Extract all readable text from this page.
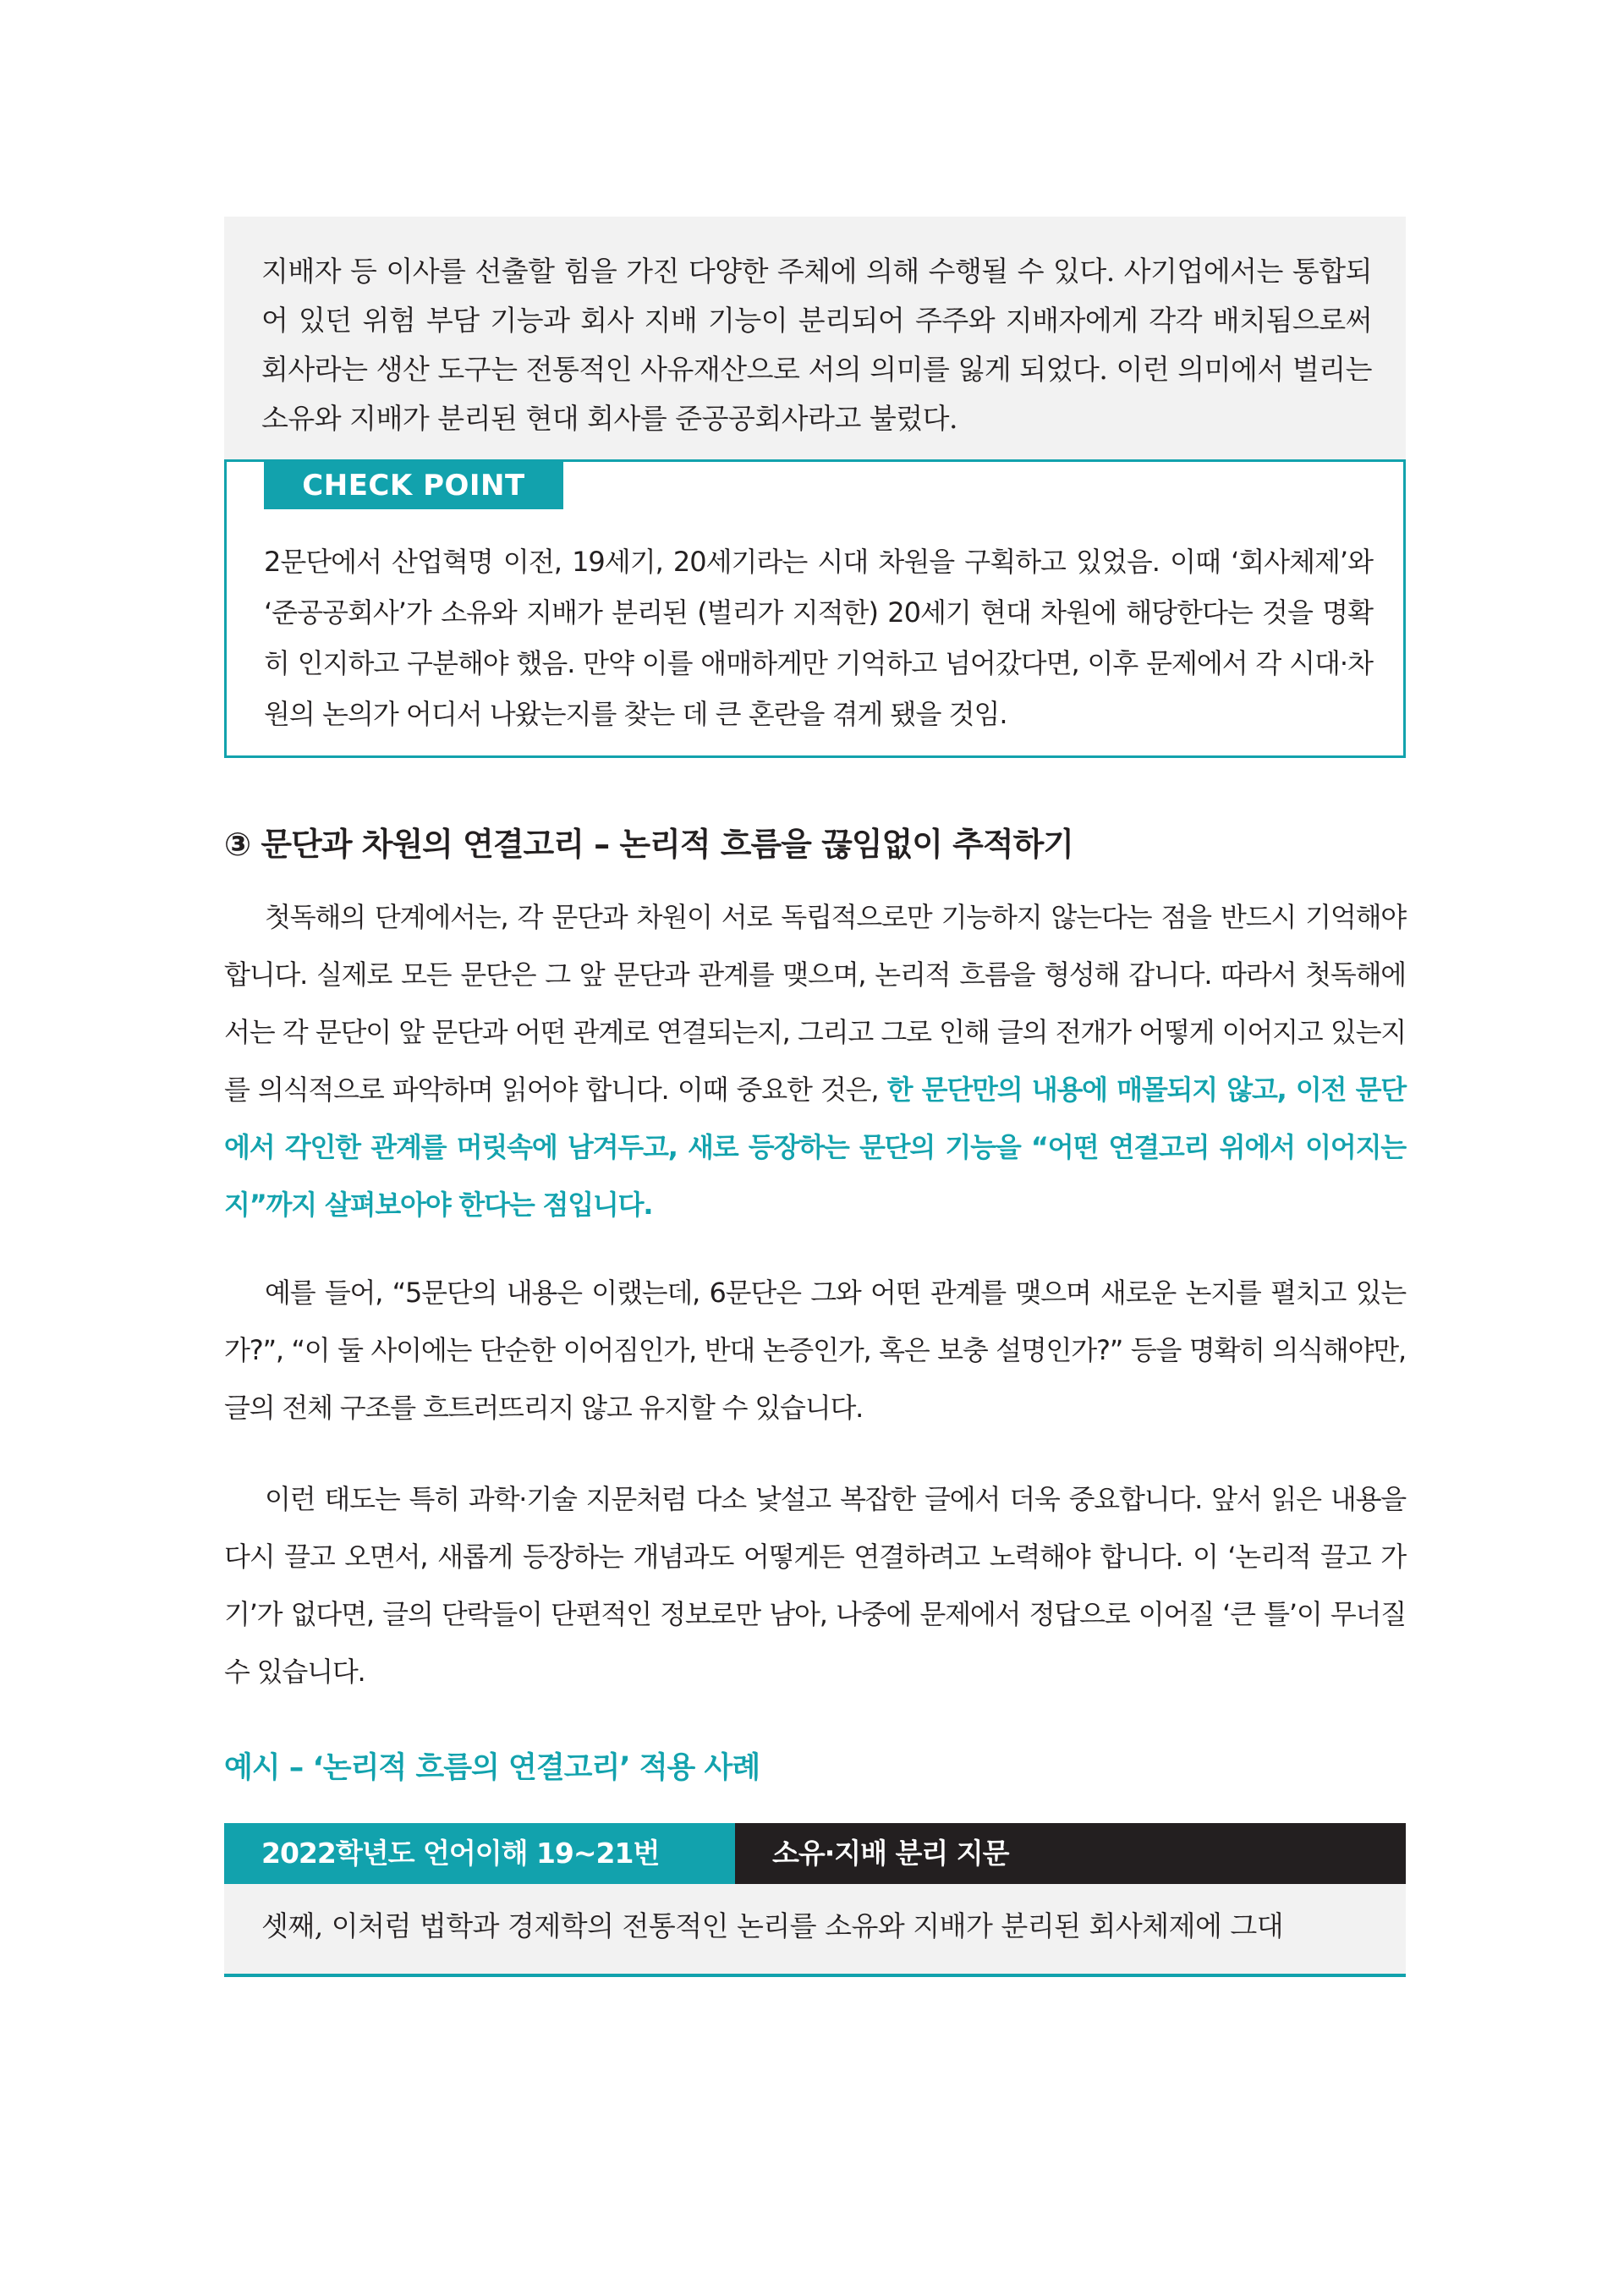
지배자 등 이사를 선출할 힘을 가진 다양한 주체에 의해 수행될 수 있다. 사기업에서는 통합되어 있던 위험 부담 기능과 회사 지배 기능이 분리되어 주주와 지배자에게 각각 배치됨으로써 회사라는 생산 도구는 전통적인 사유재산으로 서의 의미를 잃게 되었다. 이런 의미에서 벌리는 소유와 지배가 분리된 현대 회사를 준공공회사라고 불렀다.

CHECK POINT

2문단에서 산업혁명 이전, 19세기, 20세기라는 시대 차원을 구획하고 있었음. 이때 ‘회사체제’와 ‘준공공회사’가 소유와 지배가 분리된 (벌리가 지적한) 20세기 현대 차원에 해당한다는 것을 명확히 인지하고 구분해야 했음. 만약 이를 애매하게만 기억하고 넘어갔다면, 이후 문제에서 각 시대·차원의 논의가 어디서 나왔는지를 찾는 데 큰 혼란을 겪게 됐을 것임.

③ 문단과 차원의 연결고리 – 논리적 흐름을 끊임없이 추적하기

첫독해의 단계에서는, 각 문단과 차원이 서로 독립적으로만 기능하지 않는다는 점을 반드시 기억해야 합니다. 실제로 모든 문단은 그 앞 문단과 관계를 맺으며, 논리적 흐름을 형성해 갑니다. 따라서 첫독해에서는 각 문단이 앞 문단과 어떤 관계로 연결되는지, 그리고 그로 인해 글의 전개가 어떻게 이어지고 있는지를 의식적으로 파악하며 읽어야 합니다. 이때 중요한 것은, 한 문단만의 내용에 매몰되지 않고, 이전 문단에서 각인한 관계를 머릿속에 남겨두고, 새로 등장하는 문단의 기능을 “어떤 연결고리 위에서 이어지는지”까지 살펴보아야 한다는 점입니다.

예를 들어, “5문단의 내용은 이랬는데, 6문단은 그와 어떤 관계를 맺으며 새로운 논지를 펼치고 있는가?”, “이 둘 사이에는 단순한 이어짐인가, 반대 논증인가, 혹은 보충 설명인가?” 등을 명확히 의식해야만, 글의 전체 구조를 흐트러뜨리지 않고 유지할 수 있습니다.

이런 태도는 특히 과학·기술 지문처럼 다소 낯설고 복잡한 글에서 더욱 중요합니다. 앞서 읽은 내용을 다시 끌고 오면서, 새롭게 등장하는 개념과도 어떻게든 연결하려고 노력해야 합니다. 이 ‘논리적 끌고 가기’가 없다면, 글의 단락들이 단편적인 정보로만 남아, 나중에 문제에서 정답으로 이어질 ‘큰 틀’이 무너질 수 있습니다.

예시 – ‘논리적 흐름의 연결고리’ 적용 사례
2022학년도 언어이해 19~21번	소유·지배 분리 지문

셋째, 이처럼 법학과 경제학의 전통적인 논리를 소유와 지배가 분리된 회사체제에 그대
